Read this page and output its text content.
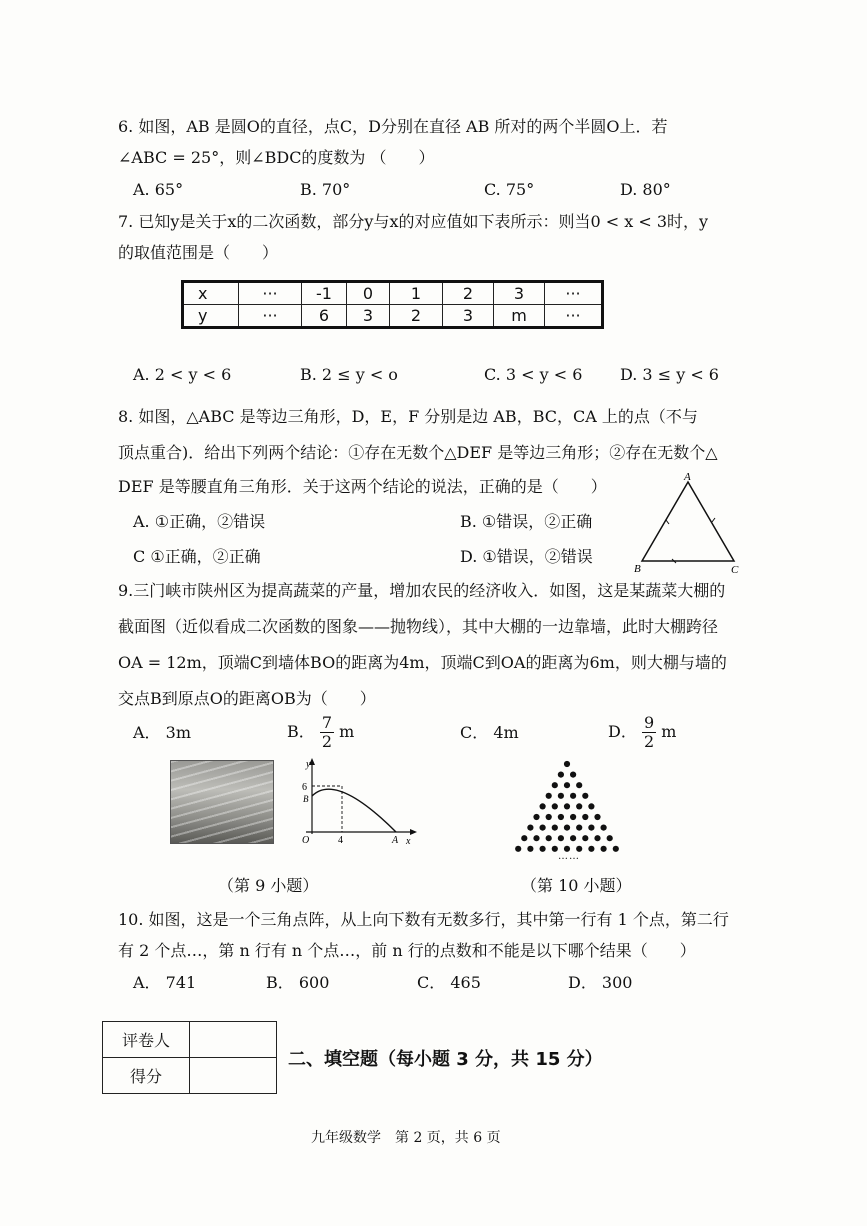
6. 如图，AB 是圆O的直径，点C，D分别在直径 AB 所对的两个半圆O上．若
∠ABC = 25°，则∠BDC的度数为 （　　）
A. 65°	B. 70°	C. 75°	D. 80°
7. 已知y是关于x的二次函数，部分y与x的对应值如下表所示：则当0 < x < 3时，y
的取值范围是（　　）
x	···	-1	0	1	2	3	···
y	···	6	3	2	3	m	···
A. 2 < y < 6	B. 2 ≤ y < o	C. 3 < y < 6 D. 3 ≤ y < 6
8. 如图，△ABC 是等边三角形，D，E，F 分别是边 AB，BC，CA 上的点（不与
顶点重合)．给出下列两个结论：①存在无数个△DEF 是等边三角形；②存在无数个△
DEF 是等腰直角三角形．关于这两个结论的说法，正确的是（　　）
A. ①正确，②错误	B. ①错误，②正确
C ①正确，②正确	D. ①错误，②错误
A
B	C
9.三门峡市陕州区为提高蔬菜的产量，增加农民的经济收入．如图，这是某蔬菜大棚的
截面图（近似看成二次函数的图象——抛物线），其中大棚的一边靠墙，此时大棚跨径
OA = 12m，顶端C到墙体BO的距离为4m，顶端C到OA的距离为6m，则大棚与墙的
交点B到原点O的距离OB为（　　）
A． 3m	B． $\frac{7}{2}$ m	C． 4m	D． $\frac{9}{2}$ m
y
x
6
B
4
O	A
（第 9 小题）
……
（第 10 小题）
10. 如图，这是一个三角点阵，从上向下数有无数多行，其中第一行有 1 个点，第二行
有 2 个点…，第 n 行有 n 个点…，前 n 行的点数和不能是以下哪个结果（　　）
A． 741	B． 600	C． 465	D． 300
评卷人	
得分	
二、填空题（每小题 3 分，共 15 分）
九年级数学　第 2 页，共 6 页
